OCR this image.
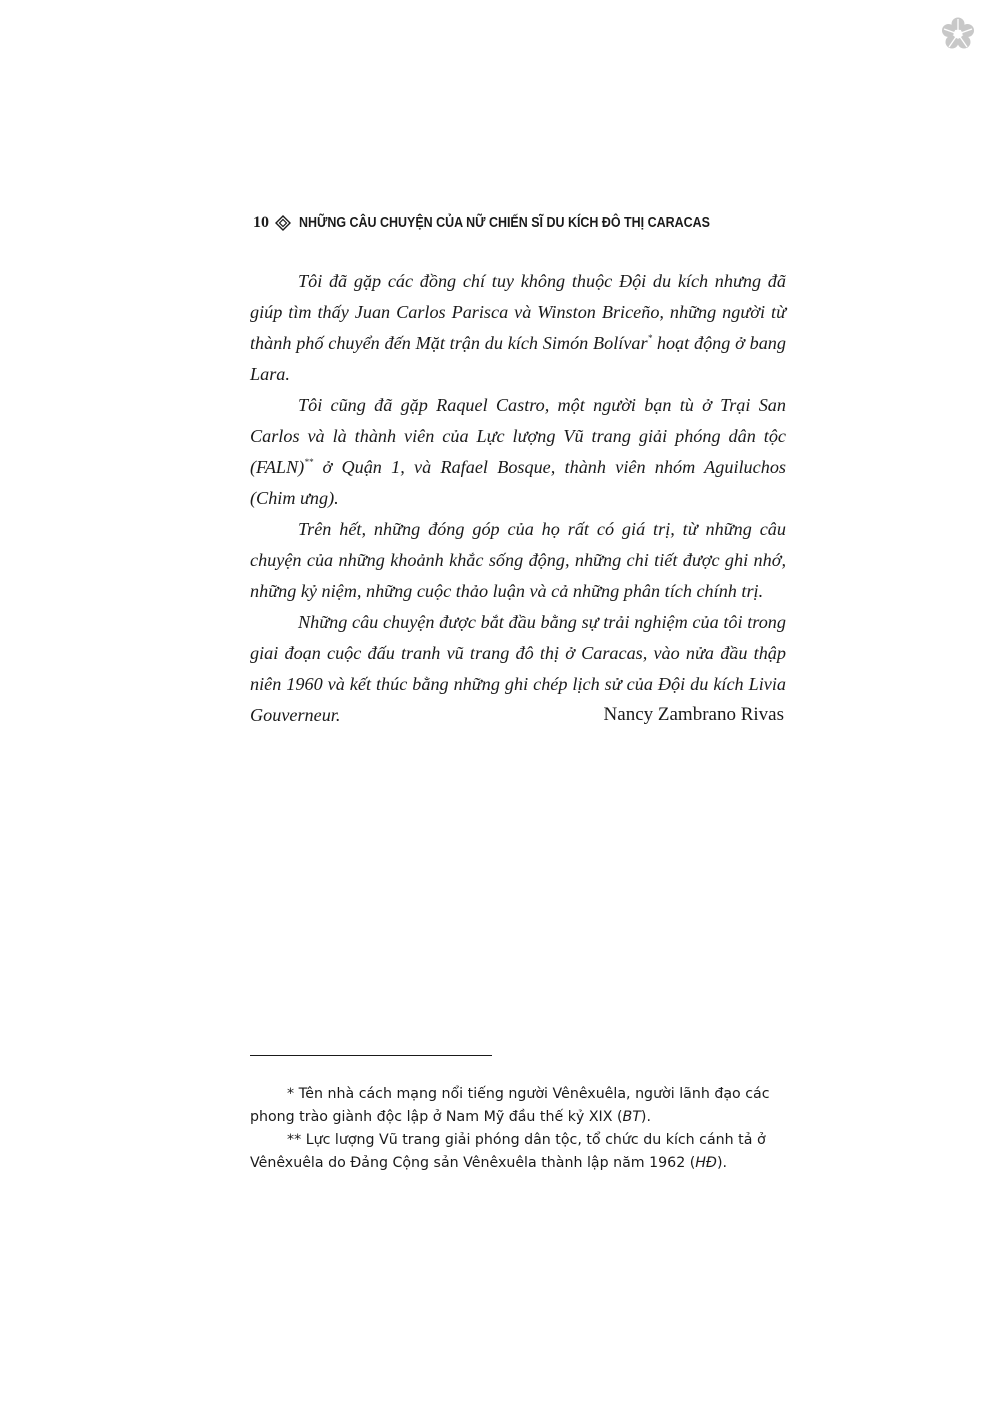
10 NHỮNG CÂU CHUYỆN CỦA NỮ CHIẾN SĨ DU KÍCH ĐÔ THỊ CARACAS

Tôi đã gặp các đồng chí tuy không thuộc Đội du kích nhưng đã giúp tìm thấy Juan Carlos Parisca và Winston Briceño, những người từ thành phố chuyển đến Mặt trận du kích Simón Bolívar* hoạt động ở bang Lara.

Tôi cũng đã gặp Raquel Castro, một người bạn tù ở Trại San Carlos và là thành viên của Lực lượng Vũ trang giải phóng dân tộc (FALN)** ở Quận 1, và Rafael Bosque, thành viên nhóm Aguiluchos (Chim ưng).

Trên hết, những đóng góp của họ rất có giá trị, từ những câu chuyện của những khoảnh khắc sống động, những chi tiết được ghi nhớ, những kỷ niệm, những cuộc thảo luận và cả những phân tích chính trị.

Những câu chuyện được bắt đầu bằng sự trải nghiệm của tôi trong giai đoạn cuộc đấu tranh vũ trang đô thị ở Caracas, vào nửa đầu thập niên 1960 và kết thúc bằng những ghi chép lịch sử của Đội du kích Livia Gouverneur.	Nancy Zambrano Rivas

* Tên nhà cách mạng nổi tiếng người Vênêxuêla, người lãnh đạo các phong trào giành độc lập ở Nam Mỹ đầu thế kỷ XIX (BT).

** Lực lượng Vũ trang giải phóng dân tộc, tổ chức du kích cánh tả ở Vênêxuêla do Đảng Cộng sản Vênêxuêla thành lập năm 1962 (HĐ).
